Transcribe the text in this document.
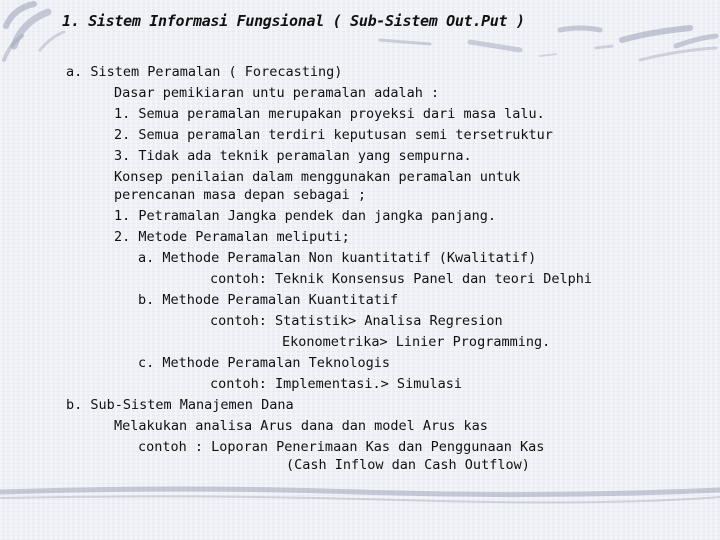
1. Sistem Informasi Fungsional ( Sub-Sistem Out.Put )
a. Sistem Peramalan ( Forecasting)
Dasar pemikiaran untu peramalan adalah :
1. Semua peramalan merupakan proyeksi dari masa lalu.
2. Semua peramalan terdiri keputusan semi tersetruktur
3. Tidak ada teknik peramalan yang sempurna.
Konsep penilaian dalam menggunakan peramalan untuk
perencanan masa depan sebagai ;
1. Petramalan Jangka pendek dan jangka panjang.
2. Metode Peramalan meliputi;
a. Methode Peramalan Non kuantitatif (Kwalitatif)
contoh: Teknik Konsensus Panel dan teori Delphi
b. Methode Peramalan Kuantitatif
contoh: Statistik> Analisa Regresion
Ekonometrika> Linier Programming.
c. Methode Peramalan Teknologis
contoh: Implementasi.> Simulasi
b. Sub-Sistem Manajemen Dana
Melakukan analisa Arus dana dan model Arus kas
contoh : Loporan Penerimaan Kas dan Penggunaan Kas
(Cash Inflow dan Cash Outflow)
